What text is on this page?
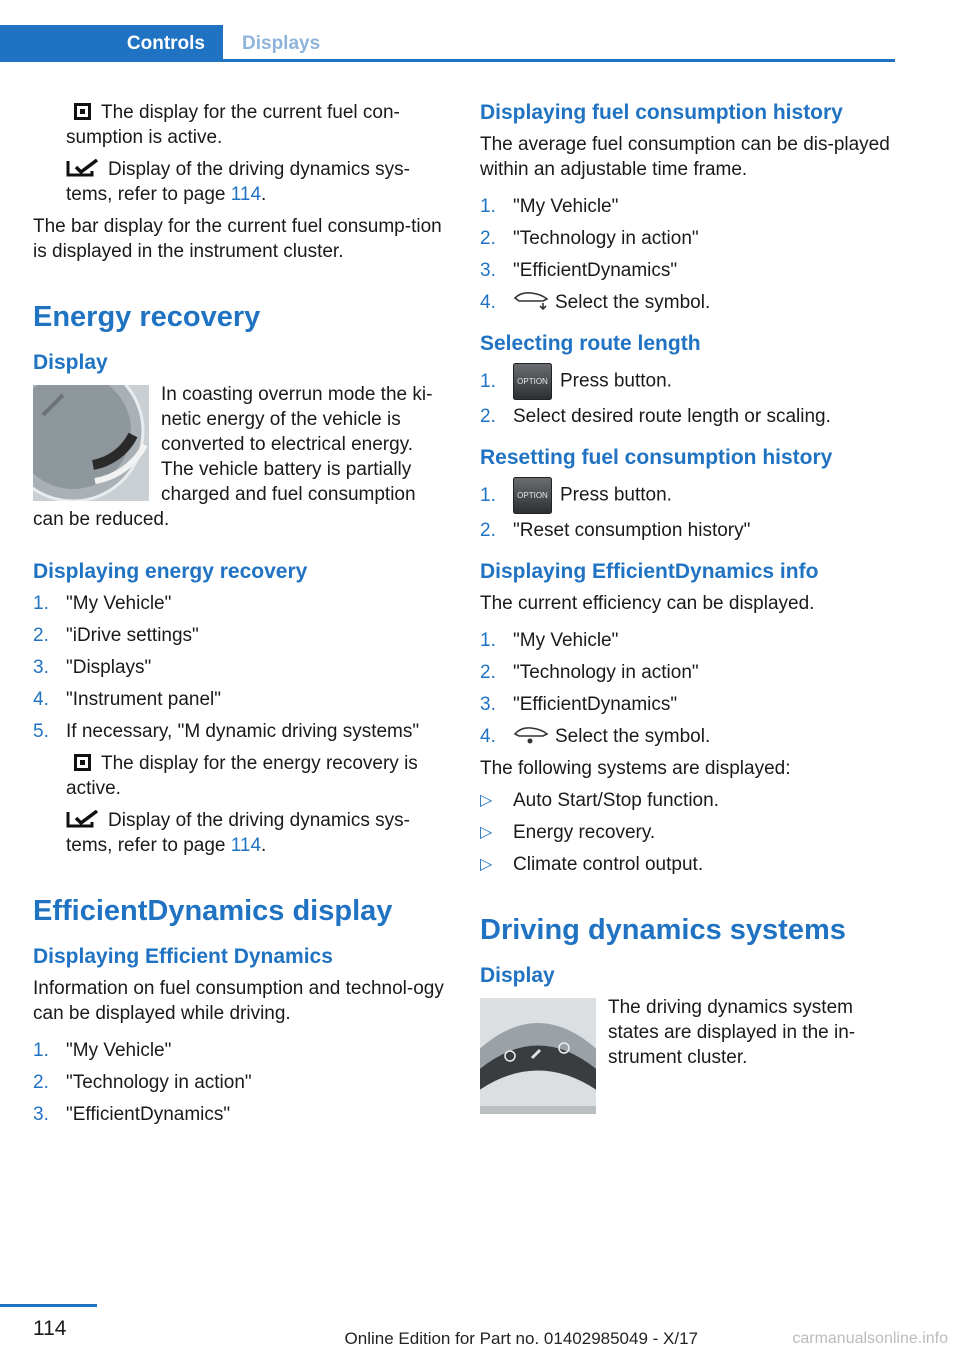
Controls Displays

The display for the current fuel con‐sumption is active.

Display of the driving dynamics sys‐tems, refer to page 114.

The bar display for the current fuel consump‐tion is displayed in the instrument cluster.

Energy recovery
Display

In coasting overrun mode the ki‐netic energy of the vehicle is converted to electrical energy. The vehicle battery is partially charged and fuel consumption can be reduced.

Displaying energy recovery
1. "My Vehicle"
2. "iDrive settings"
3. "Displays"
4. "Instrument panel"
5. If necessary, "M dynamic driving systems"

The display for the energy recovery is active.

Display of the driving dynamics sys‐tems, refer to page 114.

EfficientDynamics display
Displaying Efficient Dynamics

Information on fuel consumption and technol‐ogy can be displayed while driving.

1. "My Vehicle"
2. "Technology in action"
3. "EfficientDynamics"
Displaying fuel consumption history

The average fuel consumption can be dis‐played within an adjustable time frame.

1. "My Vehicle"
2. "Technology in action"
3. "EfficientDynamics"
4.	Select the symbol.
Selecting route length
1.	OPTION Press button.
2. Select desired route length or scaling.
Resetting fuel consumption history
1.	OPTION Press button.
2. "Reset consumption history"
Displaying EfficientDynamics info

The current efficiency can be displayed.

1. "My Vehicle"
2. "Technology in action"
3. "EfficientDynamics"
4.	Select the symbol.

The following systems are displayed:

▷ Auto Start/Stop function.
▷ Energy recovery.
▷ Climate control output.
Driving dynamics systems
Display

The driving dynamics system states are displayed in the in‐strument cluster.

114	Online Edition for Part no. 01402985049 - X/17	carmanualsonline.info
